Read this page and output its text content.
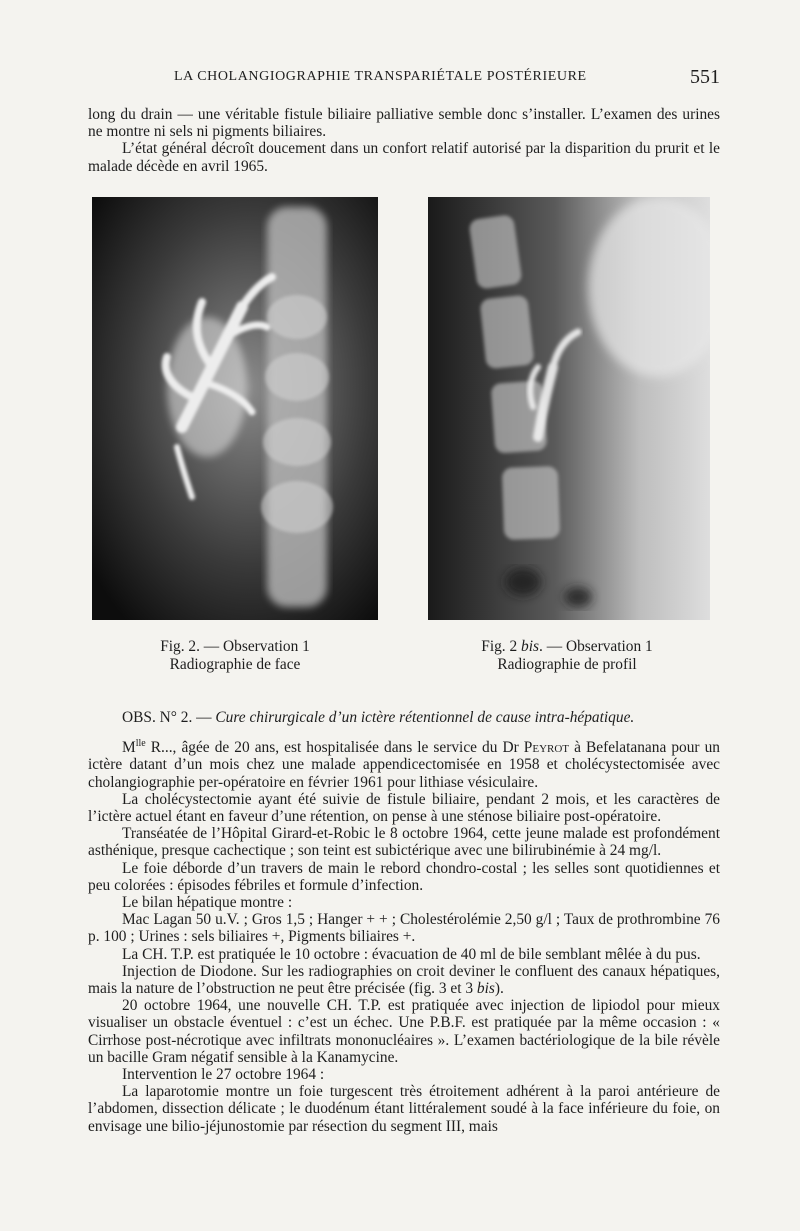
LA CHOLANGIOGRAPHIE TRANSPARIÉTALE POSTÉRIEURE	551

long du drain — une véritable fistule biliaire palliative semble donc s’installer. L’examen des urines ne montre ni sels ni pigments biliaires.

L’état général décroît doucement dans un confort relatif autorisé par la disparition du prurit et le malade décède en avril 1965.

Fig. 2. — Observation 1
Radiographie de face
Fig. 2 bis. — Observation 1
Radiographie de profil
OBS. N° 2. — Cure chirurgicale d’un ictère rétentionnel de cause intra-hépatique.

$M^{lle}$ R..., âgée de 20 ans, est hospitalisée dans le service du Dr Peyrot à Befelatanana pour un ictère datant d’un mois chez une malade appendicectomisée en 1958 et cholécystectomisée avec cholangiographie per-opératoire en février 1961 pour lithiase vésiculaire.

La cholécystectomie ayant été suivie de fistule biliaire, pendant 2 mois, et les caractères de l’ictère actuel étant en faveur d’une rétention, on pense à une sténose biliaire post-opératoire.

Transéatée de l’Hôpital Girard-et-Robic le 8 octobre 1964, cette jeune malade est profondément asthénique, presque cachectique ; son teint est subictérique avec une bilirubinémie à 24 mg/l.

Le foie déborde d’un travers de main le rebord chondro-costal ; les selles sont quotidiennes et peu colorées : épisodes fébriles et formule d’infection.

Le bilan hépatique montre :

Mac Lagan 50 u.V. ; Gros 1,5 ; Hanger + + ; Cholestérolémie 2,50 g/l ; Taux de prothrombine 76 p. 100 ; Urines : sels biliaires +, Pigments biliaires +.

La CH. T.P. est pratiquée le 10 octobre : évacuation de 40 ml de bile semblant mêlée à du pus.

Injection de Diodone. Sur les radiographies on croit deviner le confluent des canaux hépatiques, mais la nature de l’obstruction ne peut être précisée (fig. 3 et 3 bis).

20 octobre 1964, une nouvelle CH. T.P. est pratiquée avec injection de lipiodol pour mieux visualiser un obstacle éventuel : c’est un échec. Une P.B.F. est pratiquée par la même occasion : « Cirrhose post-nécrotique avec infiltrats mononucléaires ». L’examen bactériologique de la bile révèle un bacille Gram négatif sensible à la Kanamycine.

Intervention le 27 octobre 1964 :

La laparotomie montre un foie turgescent très étroitement adhérent à la paroi antérieure de l’abdomen, dissection délicate ; le duodénum étant littéralement soudé à la face inférieure du foie, on envisage une bilio-jéjunostomie par résection du segment III, mais
